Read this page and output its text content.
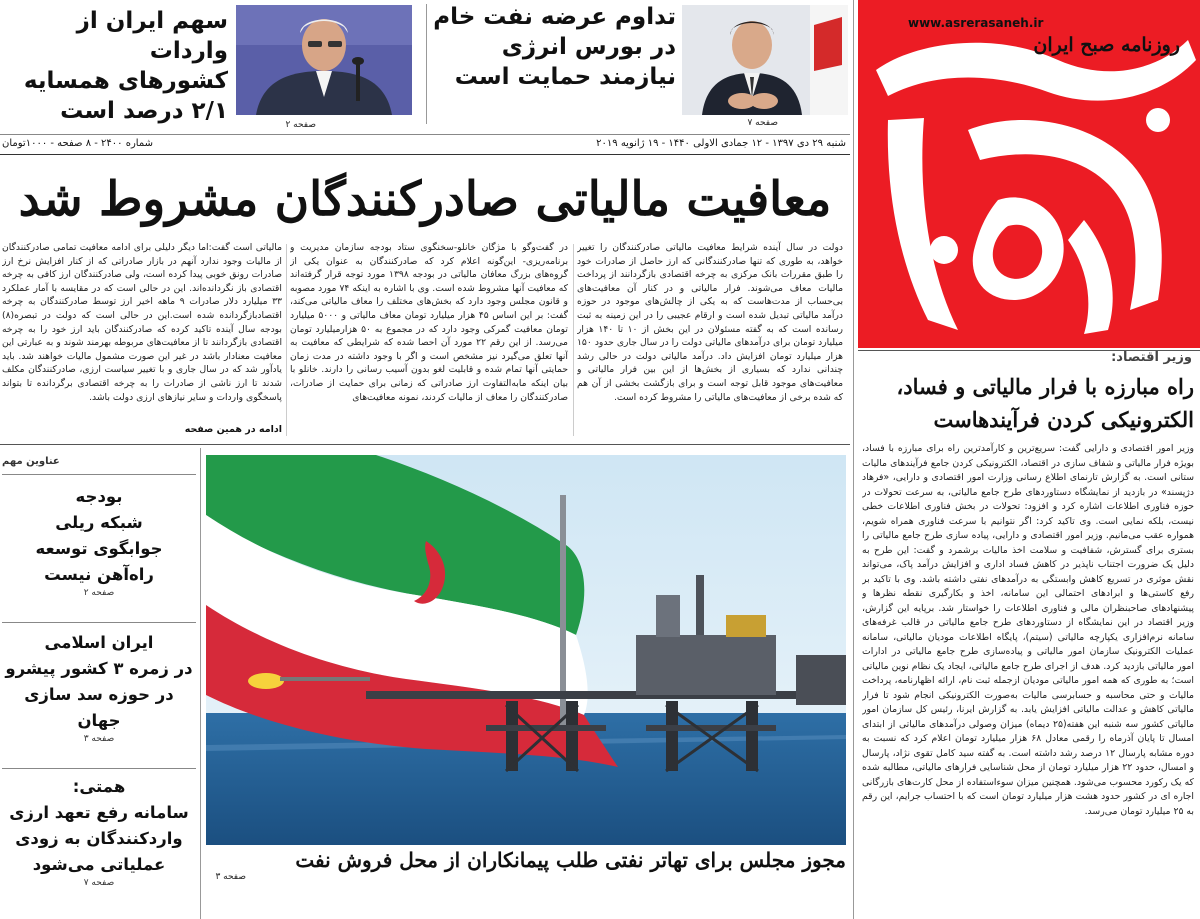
www.asrerasaneh.ir
روزنامه صبح ایران
تداوم عرضه نفت خام
در بورس انرژی
نیازمند حمایت است
صفحه ۷
سهم ایران از واردات
کشورهای همسایه
۲/۱ درصد است
صفحه ۲
شنبه ۲۹ دی ۱۳۹۷ - ۱۲ جمادی الاولی ۱۴۴۰ - ۱۹ ژانویه ۲۰۱۹
شماره ۲۴۰۰ - ۸ صفحه - ۱۰۰۰تومان
معافیت مالیاتی صادرکنندگان مشروط شد
دولت در سال آینده شرایط معافیت مالیاتی صادرکنندگان را تغییر خواهد، به طوری که تنها صادرکنندگانی که ارز حاصل از صادرات خود را طبق مقررات بانک مرکزی به چرخه اقتصادی بازگردانند از پرداخت مالیات معاف می‌شوند. فرار مالیاتی و در کنار آن معافیت‌های بی‌حساب از مدت‌هاست که به یکی از چالش‌های موجود در حوزه درآمد مالیاتی تبدیل شده است و ارقام عجیبی را در این زمینه به ثبت رسانده است که به گفته مسئولان در این بخش از ۱۰ تا ۱۴۰ هزار میلیارد تومان برای درآمدهای مالیاتی دولت را در سال جاری حدود ۱۵۰ هزار میلیارد تومان افزایش داد. درآمد مالیاتی دولت در حالی رشد چندانی ندارد که بسیاری از بخش‌ها از این بین فرار مالیاتی و معافیت‌های موجود قابل توجه است و برای بازگشت بخشی از آن هم که شده برخی از معافیت‌های مالیاتی را مشروط کرده است.
در گفت‌وگو با مژگان خانلو-سخنگوی ستاد بودجه سازمان مدیریت و برنامه‌ریزی- این‌گونه اعلام کرد که صادرکنندگان به عنوان یکی از گروه‌های بزرگ معافان مالیاتی در بودجه ۱۳۹۸ مورد توجه قرار گرفته‌اند که معافیت آنها مشروط شده است. وی با اشاره به اینکه ۷۴ مورد مصوبه و قانون مجلس وجود دارد که بخش‌های مختلف را معاف مالیاتی می‌کند، گفت: بر این اساس ۴۵ هزار میلیارد تومان معاف مالیاتی و ۵۰۰۰ میلیارد تومان معافیت گمرکی وجود دارد که در مجموع به ۵۰ هزارمیلیارد تومان می‌رسد. از این رقم ۲۲ مورد آن احصا شده که شرایطی که معافیت به آنها تعلق می‌گیرد نیز مشخص است و اگر با وجود داشته در مدت زمان حمایتی آنها تمام شده و قابلیت لغو بدون آسیب رسانی را دارند. خانلو با بیان اینکه مابه‌التفاوت ارز صادراتی که زمانی برای حمایت از صادرات، صادرکنندگان را معاف از مالیات کردند، نمونه معافیت‌های
مالیاتی است گفت:اما دیگر دلیلی برای ادامه معافیت تمامی صادرکنندگان از مالیات وجود ندارد آنهم در بازار صادراتی که از کنار افزایش نرخ ارز صادرات رونق خوبی پیدا کرده است، ولی صادرکنندگان ارز کافی به چرخه اقتصادی باز نگردانده‌اند. این در حالی است که در مقایسه با آمار عملکرد ۳۳ میلیارد دلار صادرات ۹ ماهه اخیر ارز توسط صادرکنندگان به چرخه اقتصادبازگردانده شده است.این در حالی است که دولت در تبصره(۸) بودجه سال آینده تاکید کرده که صادرکنندگان باید ارز خود را به چرخه اقتصادی بازگردانند تا از معافیت‌های مربوطه بهرمند شوند و به عبارتی این معافیت معنادار باشد در غیر این صورت مشمول مالیات خواهند شد. باید یادآور شد که در سال جاری و با تغییر سیاست ارزی، صادرکنندگان مکلف شدند تا ارز ناشی از صادرات را به چرخه اقتصادی برگردانده تا بتواند پاسخگوی واردات و سایر نیازهای ارزی دولت باشد.
ادامه در همین صفحه
وزیر اقتصاد:
راه مبارزه با فرار مالیاتی و فساد،
الکترونیکی کردن فرآیندهاست
وزیر امور اقتصادی و دارایی گفت: سریع‌ترین و کارآمدترین راه برای مبارزه با فساد، بویژه فرار مالیاتی و شفاف سازی در اقتصاد، الکترونیکی کردن جامع فرآیندهای مالیات ستانی است. به گزارش تارنمای اطلاع رسانی وزارت امور اقتصادی و دارایی، «فرهاد دژپسند» در بازدید از نمایشگاه دستاوردهای طرح جامع مالیاتی، به سرعت تحولات در حوزه فناوری اطلاعات اشاره کرد و افزود: تحولات در بخش فناوری اطلاعات خطی نیست، بلکه نمایی است. وی تاکید کرد: اگر نتوانیم با سرعت فناوری همراه شویم، همواره عقب می‌مانیم. وزیر امور اقتصادی و دارایی، پیاده سازی طرح جامع مالیاتی را بستری برای گسترش، شفافیت و سلامت اخذ مالیات برشمرد و گفت: این طرح به دلیل یک ضرورت اجتناب ناپذیر در کاهش فساد اداری و افزایش درآمد پاک، می‌تواند نقش موثری در تسریع کاهش وابستگی به درآمدهای نفتی داشته باشد. وی با تاکید بر رفع کاستی‌ها و ابرادهای احتمالی این سامانه، اخذ و بکارگیری نقطه نظرها و پیشنهادهای صاحبنظران مالی و فناوری اطلاعات را خواستار شد. برپایه این گزارش، وزیر اقتصاد در این نمایشگاه از دستاوردهای طرح جامع مالیاتی در قالب غرفه‌های سامانه نرم‌افزاری یکپارچه مالیاتی (سیتم)، پایگاه اطلاعات مودیان مالیاتی، سامانه عملیات الکترونیک سازمان امور مالیاتی و پیاده‌سازی طرح جامع مالیاتی در ادارات امور مالیاتی بازدید کرد. هدف از اجرای طرح جامع مالیاتی، ایجاد یک نظام نوین مالیاتی است؛ به طوری که همه امور مالیاتی مودیان ازجمله ثبت نام، ارائه اظهارنامه، پرداخت مالیات و حتی محاسبه و حسابرسی مالیات به‌صورت الکترونیکی انجام شود تا فرار مالیاتی کاهش و عدالت مالیاتی افزایش یابد. به گزارش ایرنا، رئیس کل سازمان امور مالیاتی کشور سه شنبه این هفته(۲۵ دیماه) میزان وصولی درآمدهای مالیاتی از ابتدای امسال تا پایان آذرماه را رقمی معادل ۶۸ هزار میلیارد تومان اعلام کرد که نسبت به دوره مشابه پارسال ۱۲ درصد رشد داشته است. به گفته سید کامل تقوی نژاد، پارسال و امسال، حدود ۲۲ هزار میلیارد تومان از محل شناسایی فرارهای مالیاتی، مطالبه شده که یک رکورد محسوب می‌شود. همچنین میزان سوءاستفاده از محل کارت‌های بازرگانی اجاره ای در کشور حدود هشت هزار میلیارد تومان است که با احتساب جرایم، این رقم به ۲۵ میلیارد تومان می‌رسد.
مجوز مجلس برای تهاتر نفتی طلب پیمانکاران از محل فروش نفت
صفحه ۳
عناوین مهم
بودجه
شبکه ریلی
جوابگوی توسعه
راه‌آهن نیست
صفحه ۲
ایران اسلامی
در زمره ۳ کشور پیشرو
در حوزه سد سازی
جهان
صفحه ۳
همتی:
سامانه رفع تعهد ارزی
واردکنندگان به زودی
عملیاتی می‌شود
صفحه ۷
